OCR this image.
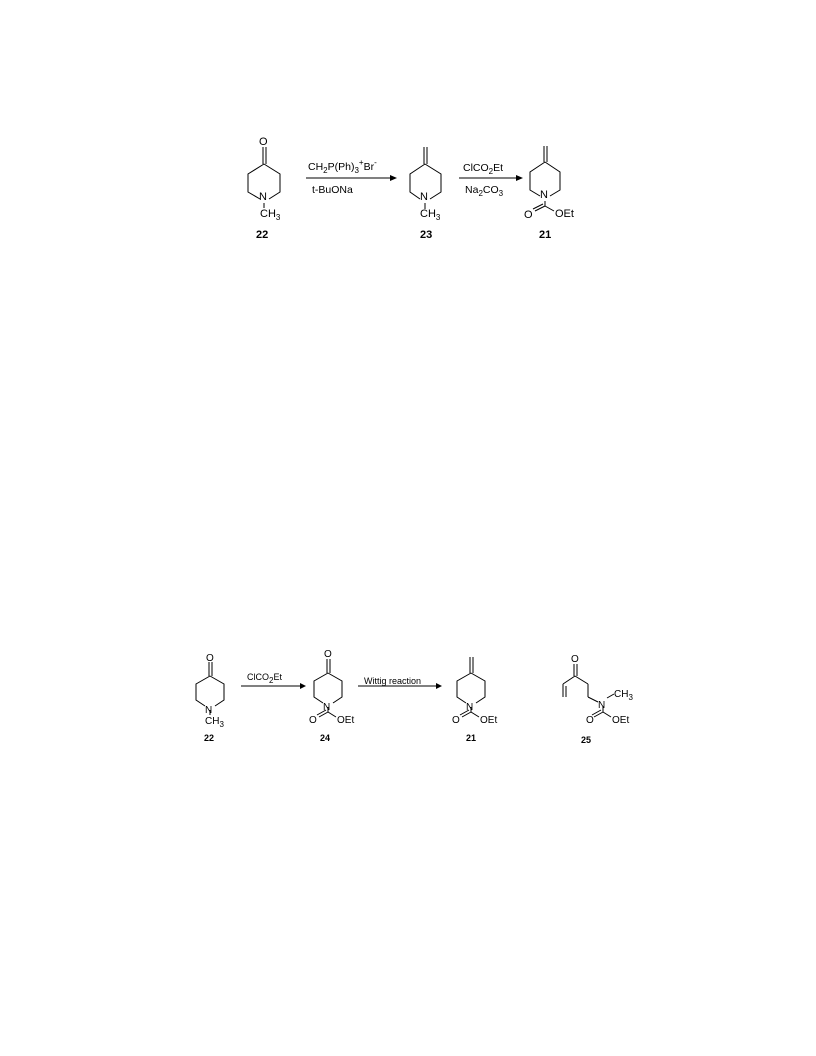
O
N
$CH_3$
22
$CH_2P(Ph)_3^+Br^-$
t-BuONa
N
$CH_3$
23
ClCO$_2$Et
$Na_2CO_3$	N
O OEt
21
O
N
$CH_3$
22
ClCO2Et
O
N
O OEt
24
Wittig reaction
N
O OEt
21
O
N
$CH_3$
O OEt
25
